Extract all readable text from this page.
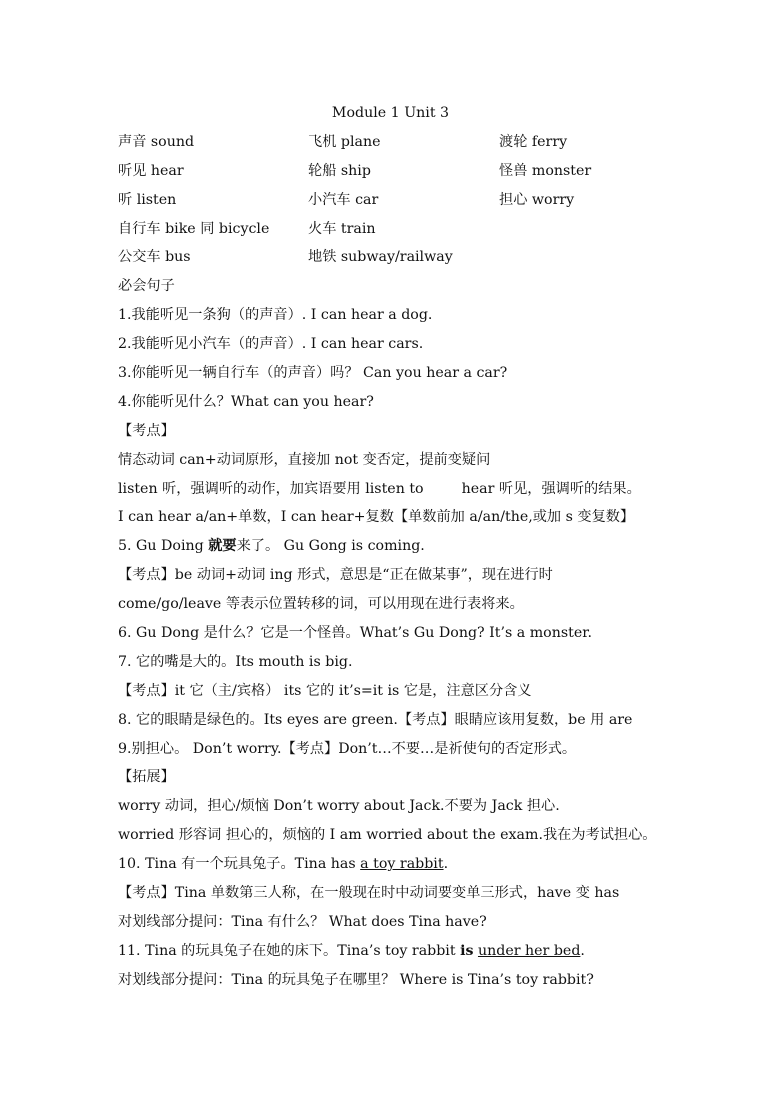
Module 1 Unit 3
声音 sound	飞机 plane	渡轮 ferry
听见 hear	轮船 ship	怪兽 monster
听 listen	小汽车 car	担心 worry
自行车 bike 同 bicycle	火车 train
公交车 bus	地铁 subway/railway
必会句子
1.我能听见一条狗（的声音）. I can hear a dog.
2.我能听见小汽车（的声音）. I can hear cars.
3.你能听见一辆自行车（的声音）吗？ Can you hear a car?
4.你能听见什么？What can you hear?
【考点】
情态动词 can+动词原形，直接加 not 变否定，提前变疑问
listen 听，强调听的动作，加宾语要用 listen to	hear 听见，强调听的结果。
I can hear a/an+单数，I can hear+复数【单数前加 a/an/the,或加 s 变复数】
5. Gu Doing 就要来了。 Gu Gong is coming.
【考点】be 动词+动词 ing 形式，意思是“正在做某事”，现在进行时
come/go/leave 等表示位置转移的词，可以用现在进行表将来。
6. Gu Dong 是什么？它是一个怪兽。What’s Gu Dong? It’s a monster.
7. 它的嘴是大的。Its mouth is big.
【考点】it 它（主/宾格） its 它的 it’s=it is 它是，注意区分含义
8. 它的眼睛是绿色的。Its eyes are green.【考点】眼睛应该用复数，be 用 are
9.别担心。 Don’t worry.【考点】Don’t…不要…是祈使句的否定形式。
【拓展】
worry 动词，担心/烦恼 Don’t worry about Jack.不要为 Jack 担心.
worried 形容词 担心的，烦恼的 I am worried about the exam.我在为考试担心。
10. Tina 有一个玩具兔子。Tina has a toy rabbit.
【考点】Tina 单数第三人称，在一般现在时中动词要变单三形式，have 变 has
对划线部分提问：Tina 有什么？ What does Tina have?
11. Tina 的玩具兔子在她的床下。Tina’s toy rabbit is under her bed.
对划线部分提问：Tina 的玩具兔子在哪里？ Where is Tina’s toy rabbit?
